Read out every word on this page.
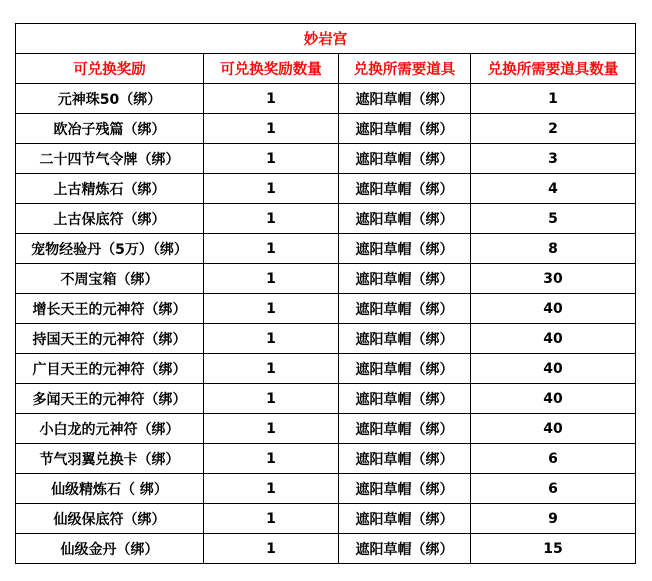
妙岩宫			
可兑换奖励	可兑换奖励数量	兑换所需要道具	兑换所需要道具数量
元神珠50（绑）	1	遮阳草帽（绑）	1
欧冶子残篇（绑）	1	遮阳草帽（绑）	2
二十四节气令牌（绑）	1	遮阳草帽（绑）	3
上古精炼石（绑）	1	遮阳草帽（绑）	4
上古保底符（绑）	1	遮阳草帽（绑）	5
宠物经验丹（5万）（绑）	1	遮阳草帽（绑）	8
不周宝箱（绑）	1	遮阳草帽（绑）	30
增长天王的元神符（绑）	1	遮阳草帽（绑）	40
持国天王的元神符（绑）	1	遮阳草帽（绑）	40
广目天王的元神符（绑）	1	遮阳草帽（绑）	40
多闻天王的元神符（绑）	1	遮阳草帽（绑）	40
小白龙的元神符（绑）	1	遮阳草帽（绑）	40
节气羽翼兑换卡（绑）	1	遮阳草帽（绑）	6
仙级精炼石（ 绑）	1	遮阳草帽（绑）	6
仙级保底符（绑）	1	遮阳草帽（绑）	9
仙级金丹（绑）	1	遮阳草帽（绑）	15
